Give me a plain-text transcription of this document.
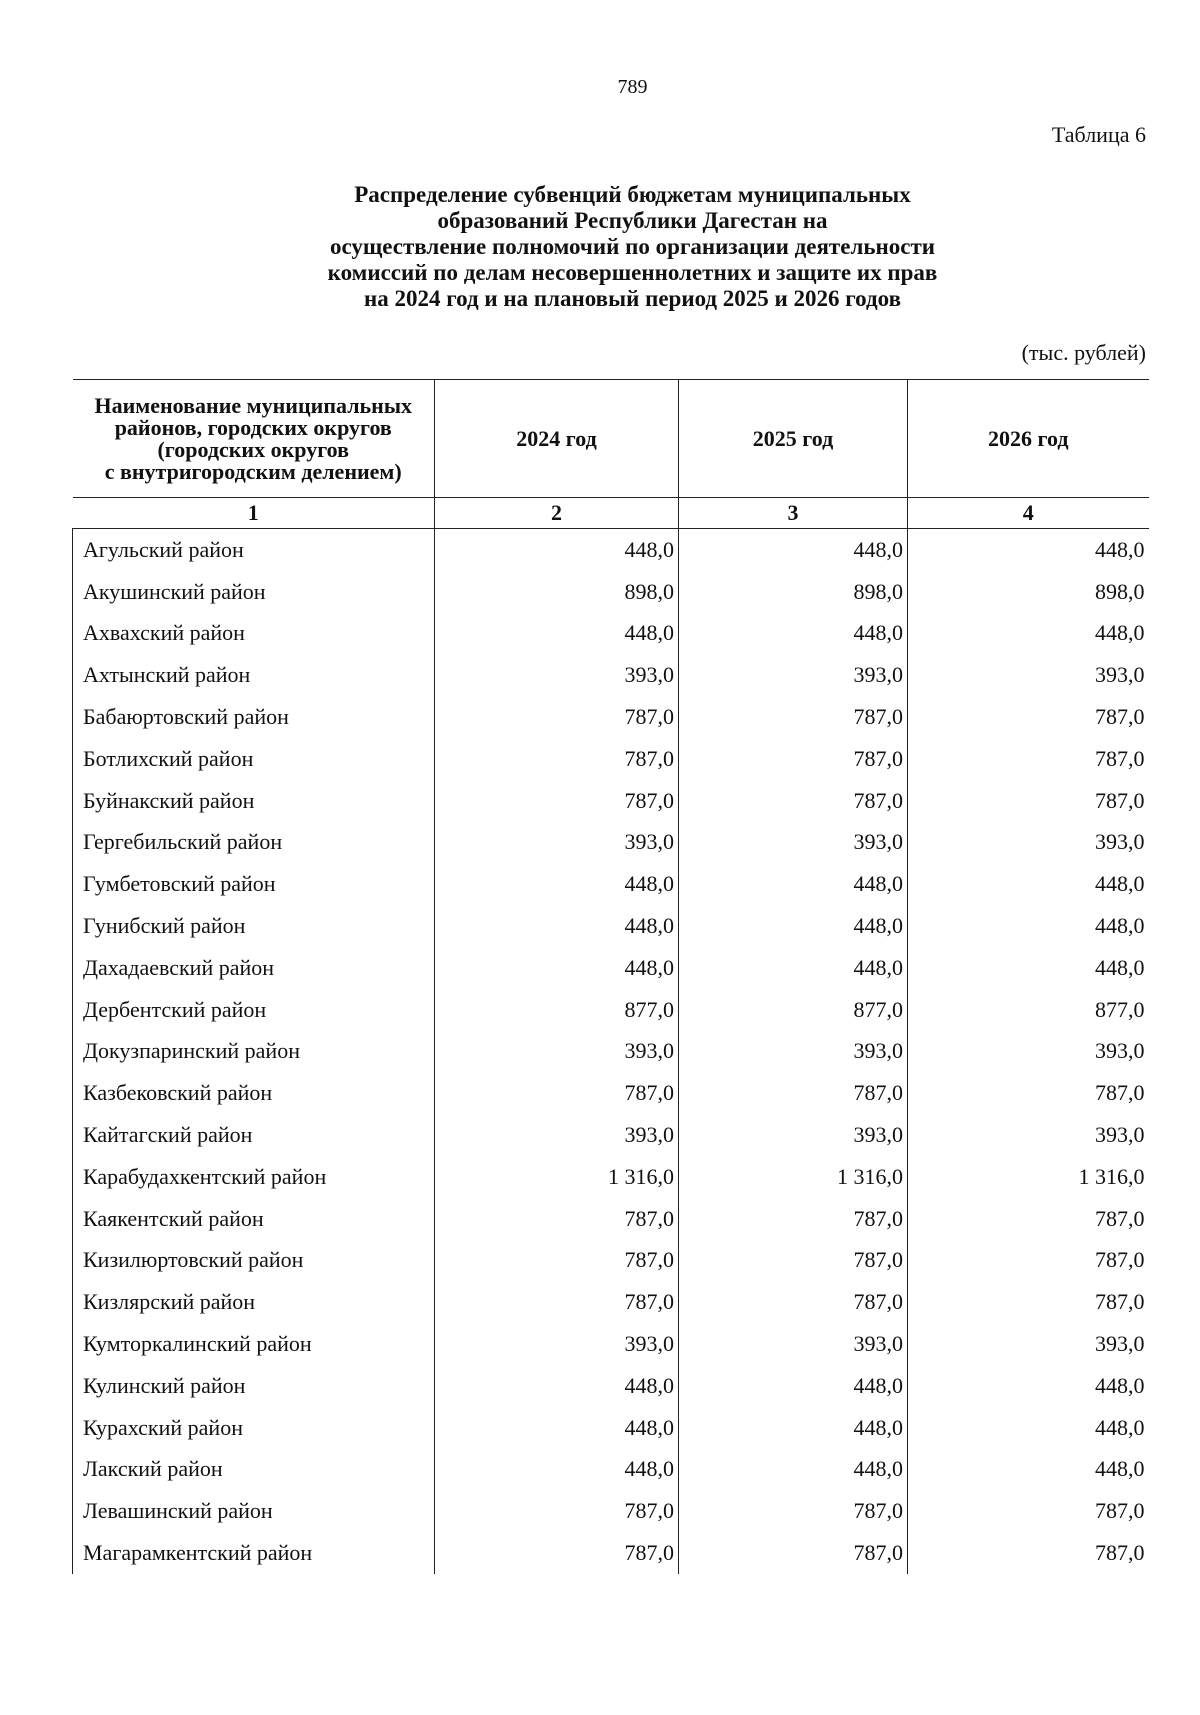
789
Таблица 6
Распределение субвенций бюджетам муниципальных
образований Республики Дагестан на
осуществление полномочий по организации деятельности
комиссий по делам несовершеннолетних и защите их прав
на 2024 год и на плановый период 2025 и 2026 годов
(тыс. рублей)
Наименование муниципальных
районов, городских округов
(городских округов
с внутригородским делением)	2024 год	2025 год	2026 год
1	2	3	4
Агульский район	448,0	448,0	448,0
Акушинский район	898,0	898,0	898,0
Ахвахский район	448,0	448,0	448,0
Ахтынский район	393,0	393,0	393,0
Бабаюртовский район	787,0	787,0	787,0
Ботлихский район	787,0	787,0	787,0
Буйнакский район	787,0	787,0	787,0
Гергебильский район	393,0	393,0	393,0
Гумбетовский район	448,0	448,0	448,0
Гунибский район	448,0	448,0	448,0
Дахадаевский район	448,0	448,0	448,0
Дербентский район	877,0	877,0	877,0
Докузпаринский район	393,0	393,0	393,0
Казбековский район	787,0	787,0	787,0
Кайтагский район	393,0	393,0	393,0
Карабудахкентский район	1 316,0	1 316,0	1 316,0
Каякентский район	787,0	787,0	787,0
Кизилюртовский район	787,0	787,0	787,0
Кизлярский район	787,0	787,0	787,0
Кумторкалинский район	393,0	393,0	393,0
Кулинский район	448,0	448,0	448,0
Курахский район	448,0	448,0	448,0
Лакский район	448,0	448,0	448,0
Левашинский район	787,0	787,0	787,0
Магарамкентский район	787,0	787,0	787,0
